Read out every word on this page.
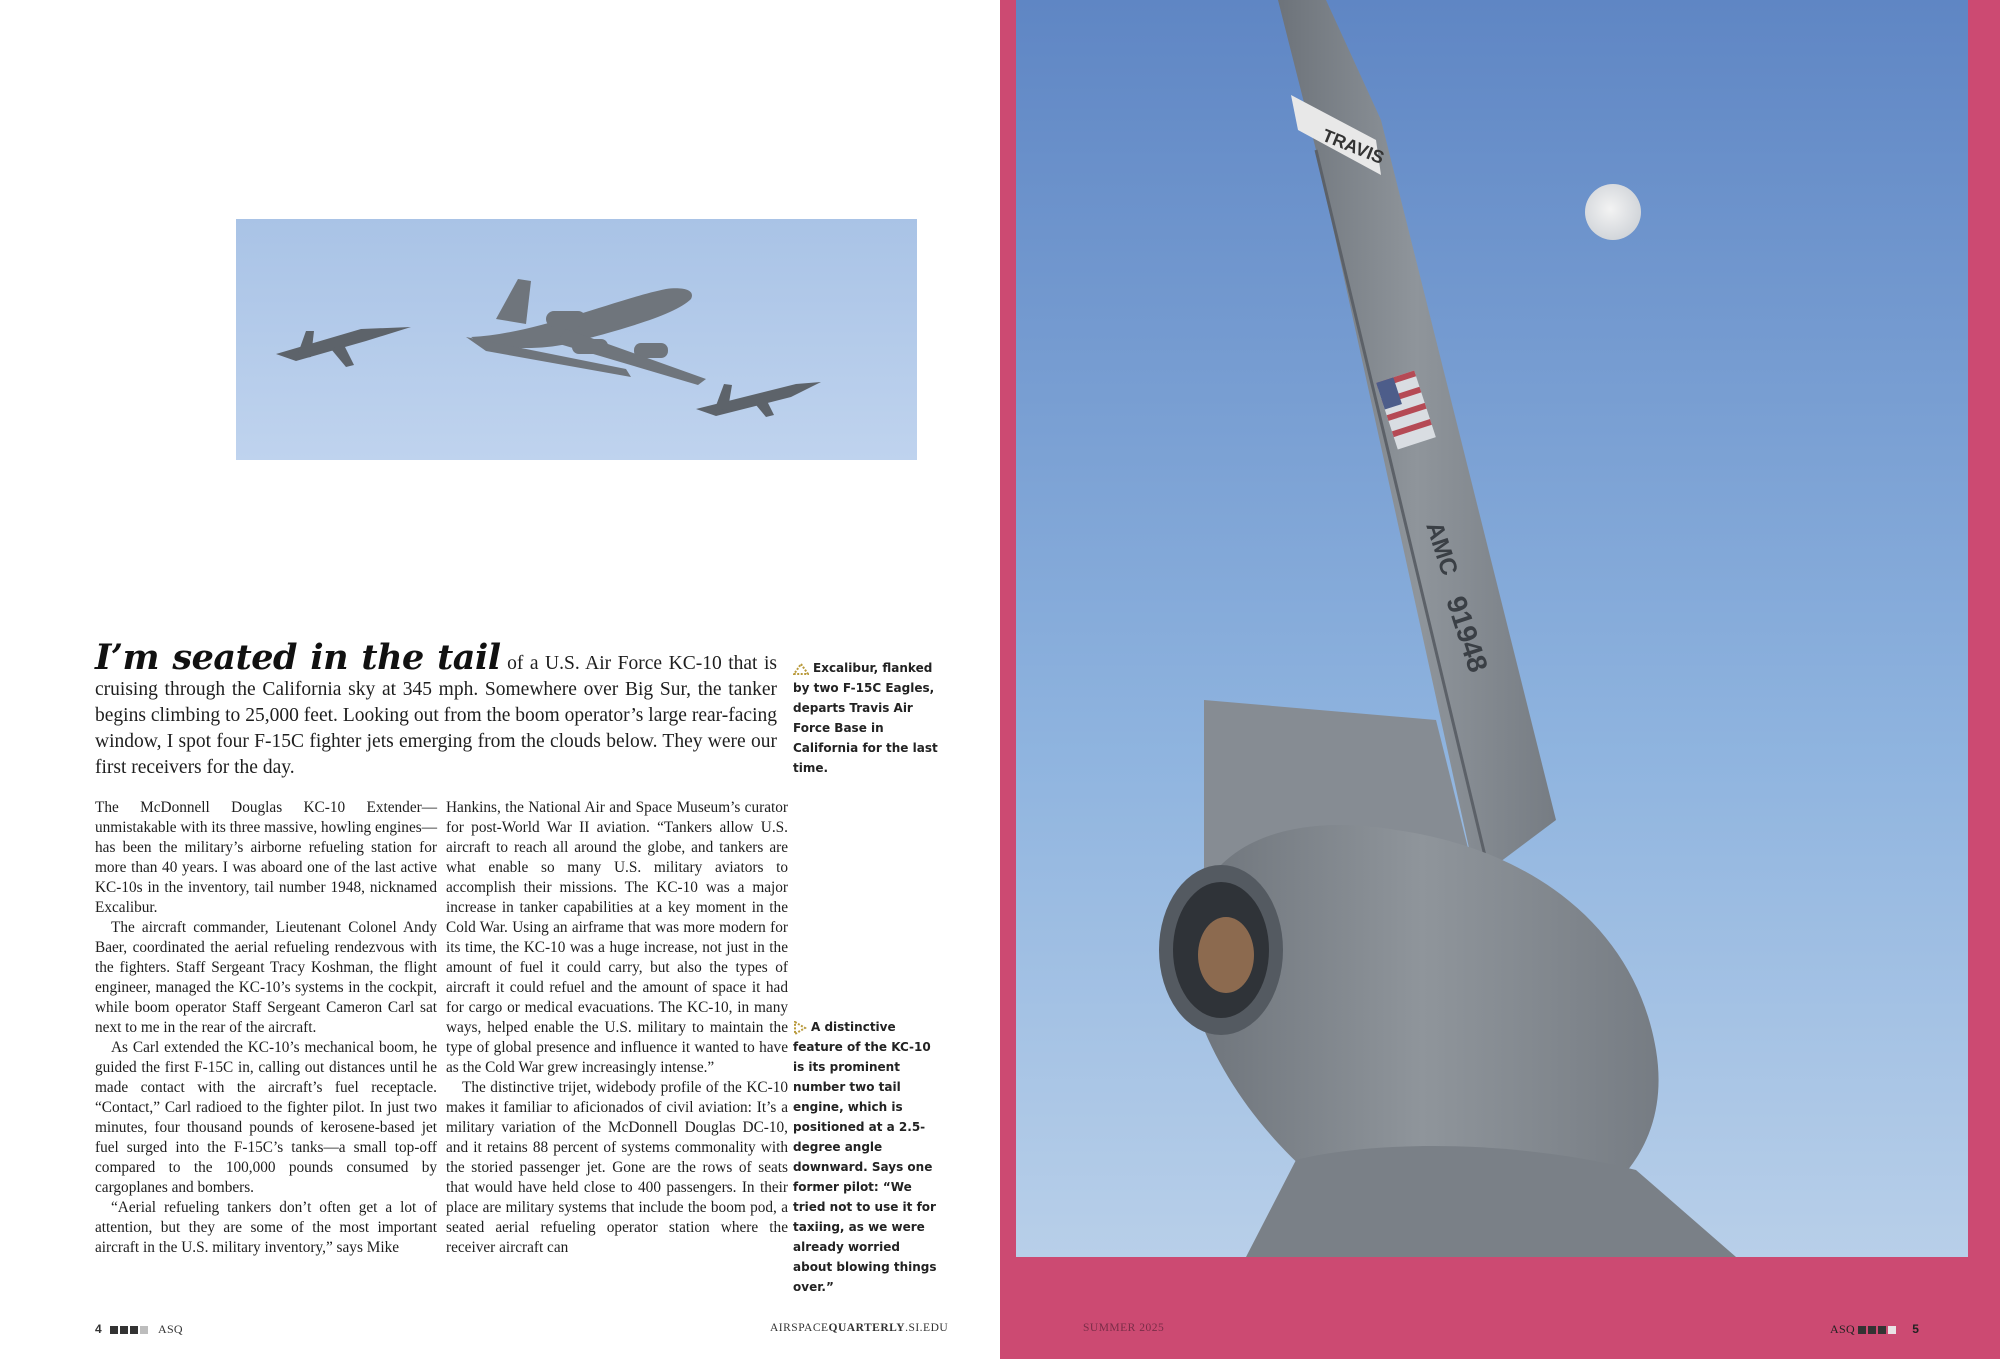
I’m seated in the tail of a U.S. Air Force KC-10 that is cruising through the California sky at 345 mph. Somewhere over Big Sur, the tanker begins climbing to 25,000 feet. Looking out from the boom operator’s large rear-facing window, I spot four F-15C fighter jets emerging from the clouds below. They were our first receivers for the day.

The McDonnell Douglas KC-10 Extender—unmistakable with its three massive, howling engines—has been the military’s airborne refueling station for more than 40 years. I was aboard one of the last active KC-10s in the inventory, tail number 1948, nicknamed Excalibur.

The aircraft commander, Lieutenant Colonel Andy Baer, coordinated the aerial refueling rendezvous with the fighters. Staff Sergeant Tracy Koshman, the flight engineer, managed the KC-10’s systems in the cockpit, while boom operator Staff Sergeant Cameron Carl sat next to me in the rear of the aircraft.

As Carl extended the KC-10’s mechanical boom, he guided the first F-15C in, calling out distances until he made contact with the aircraft’s fuel receptacle. “Contact,” Carl radioed to the fighter pilot. In just two minutes, four thousand pounds of kerosene-based jet fuel surged into the F-15C’s tanks—a small top-off compared to the 100,000 pounds consumed by cargoplanes and bombers.

“Aerial refueling tankers don’t often get a lot of attention, but they are some of the most important aircraft in the U.S. military inventory,” says Mike

Hankins, the National Air and Space Museum’s curator for post-World War II aviation. “Tankers allow U.S. aircraft to reach all around the globe, and tankers are what enable so many U.S. military aviators to accomplish their missions. The KC-10 was a major increase in tanker capabilities at a key moment in the Cold War. Using an airframe that was more modern for its time, the KC-10 was a huge increase, not just in the amount of fuel it could carry, but also the types of aircraft it could refuel and the amount of space it had for cargo or medical evacuations. The KC-10, in many ways, helped enable the U.S. military to maintain the type of global presence and influence it wanted to have as the Cold War grew increasingly intense.”

The distinctive trijet, widebody profile of the KC-10 makes it familiar to aficionados of civil aviation: It’s a military variation of the McDonnell Douglas DC-10, and it retains 88 percent of systems commonality with the storied passenger jet. Gone are the rows of seats that would have held close to 400 passengers. In their place are military systems that include the boom pod, a seated aerial refueling operator station where the receiver aircraft can

Excalibur, flanked by two F-15C Eagles, departs Travis Air Force Base in California for the last time.
A distinctive feature of the KC-10 is its prominent number two tail engine, which is positioned at a 2.5-degree angle downward. Says one former pilot: “We tried not to use it for taxiing, as we were already worried about blowing things over.”
4	ASQ	AIRSPACEQUARTERLY.SI.EDU
TRAVIS
AMC
91948
SUMMER 2025	ASQ	5
